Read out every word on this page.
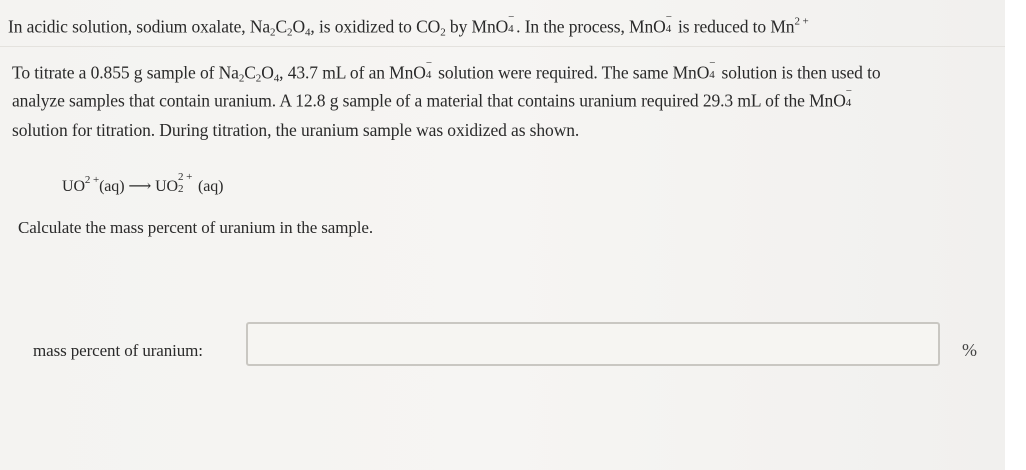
In acidic solution, sodium oxalate, $Na_2C_2O_4$, is oxidized to $CO_2$ by MnO −
4 . In the process, MnO −
4 is reduced to $Mn^{2 +}$
To titrate a 0.855 g sample of $Na_2C_2O_4$, 43.7 mL of an MnO −
4 solution were required. The same MnO −
4 solution is then used to
analyze samples that contain uranium. A 12.8 g sample of a material that contains uranium required 29.3 mL of the MnO −
4
solution for titration. During titration, the uranium sample was oxidized as shown.
$UO^{2 +}(aq)$ ⟶ UO
2 +
2 (aq)
Calculate the mass percent of uranium in the sample.
mass percent of uranium:	%
